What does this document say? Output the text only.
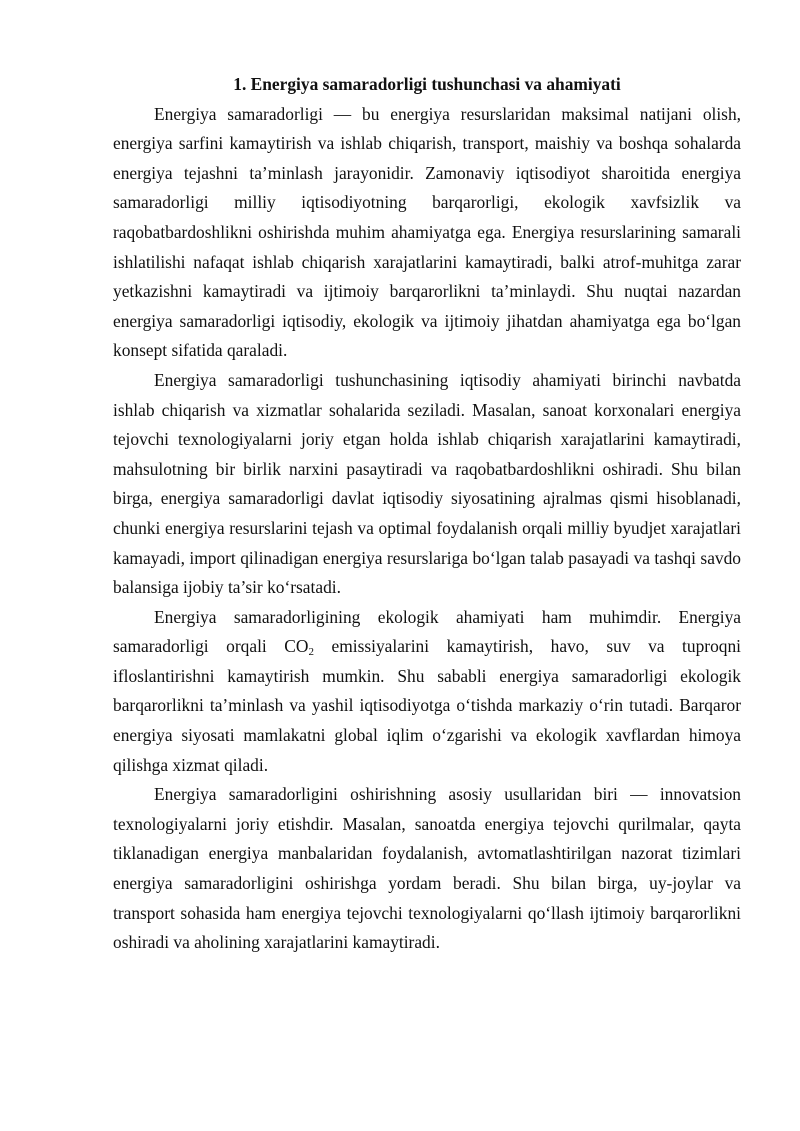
1. Energiya samaradorligi tushunchasi va ahamiyati

Energiya samaradorligi — bu energiya resurslaridan maksimal natijani olish, energiya sarfini kamaytirish va ishlab chiqarish, transport, maishiy va boshqa sohalarda energiya tejashni ta’minlash jarayonidir. Zamonaviy iqtisodiyot sharoitida energiya samaradorligi milliy iqtisodiyotning barqarorligi, ekologik xavfsizlik va raqobatbardoshlikni oshirishda muhim ahamiyatga ega. Energiya resurslarining samarali ishlatilishi nafaqat ishlab chiqarish xarajatlarini kamaytiradi, balki atrof-muhitga zarar yetkazishni kamaytiradi va ijtimoiy barqarorlikni ta’minlaydi. Shu nuqtai nazardan energiya samaradorligi iqtisodiy, ekologik va ijtimoiy jihatdan ahamiyatga ega bo‘lgan konsept sifatida qaraladi.

Energiya samaradorligi tushunchasining iqtisodiy ahamiyati birinchi navbatda ishlab chiqarish va xizmatlar sohalarida seziladi. Masalan, sanoat korxonalari energiya tejovchi texnologiyalarni joriy etgan holda ishlab chiqarish xarajatlarini kamaytiradi, mahsulotning bir birlik narxini pasaytiradi va raqobatbardoshlikni oshiradi. Shu bilan birga, energiya samaradorligi davlat iqtisodiy siyosatining ajralmas qismi hisoblanadi, chunki energiya resurslarini tejash va optimal foydalanish orqali milliy byudjet xarajatlari kamayadi, import qilinadigan energiya resurslariga bo‘lgan talab pasayadi va tashqi savdo balansiga ijobiy ta’sir ko‘rsatadi.

Energiya samaradorligining ekologik ahamiyati ham muhimdir. Energiya samaradorligi orqali $CO_2$ emissiyalarini kamaytirish, havo, suv va tuproqni ifloslantirishni kamaytirish mumkin. Shu sababli energiya samaradorligi ekologik barqarorlikni ta’minlash va yashil iqtisodiyotga o‘tishda markaziy o‘rin tutadi. Barqaror energiya siyosati mamlakatni global iqlim o‘zgarishi va ekologik xavflardan himoya qilishga xizmat qiladi.

Energiya samaradorligini oshirishning asosiy usullaridan biri — innovatsion texnologiyalarni joriy etishdir. Masalan, sanoatda energiya tejovchi qurilmalar, qayta tiklanadigan energiya manbalaridan foydalanish, avtomatlashtirilgan nazorat tizimlari energiya samaradorligini oshirishga yordam beradi. Shu bilan birga, uy-joylar va transport sohasida ham energiya tejovchi texnologiyalarni qo‘llash ijtimoiy barqarorlikni oshiradi va aholining xarajatlarini kamaytiradi.
